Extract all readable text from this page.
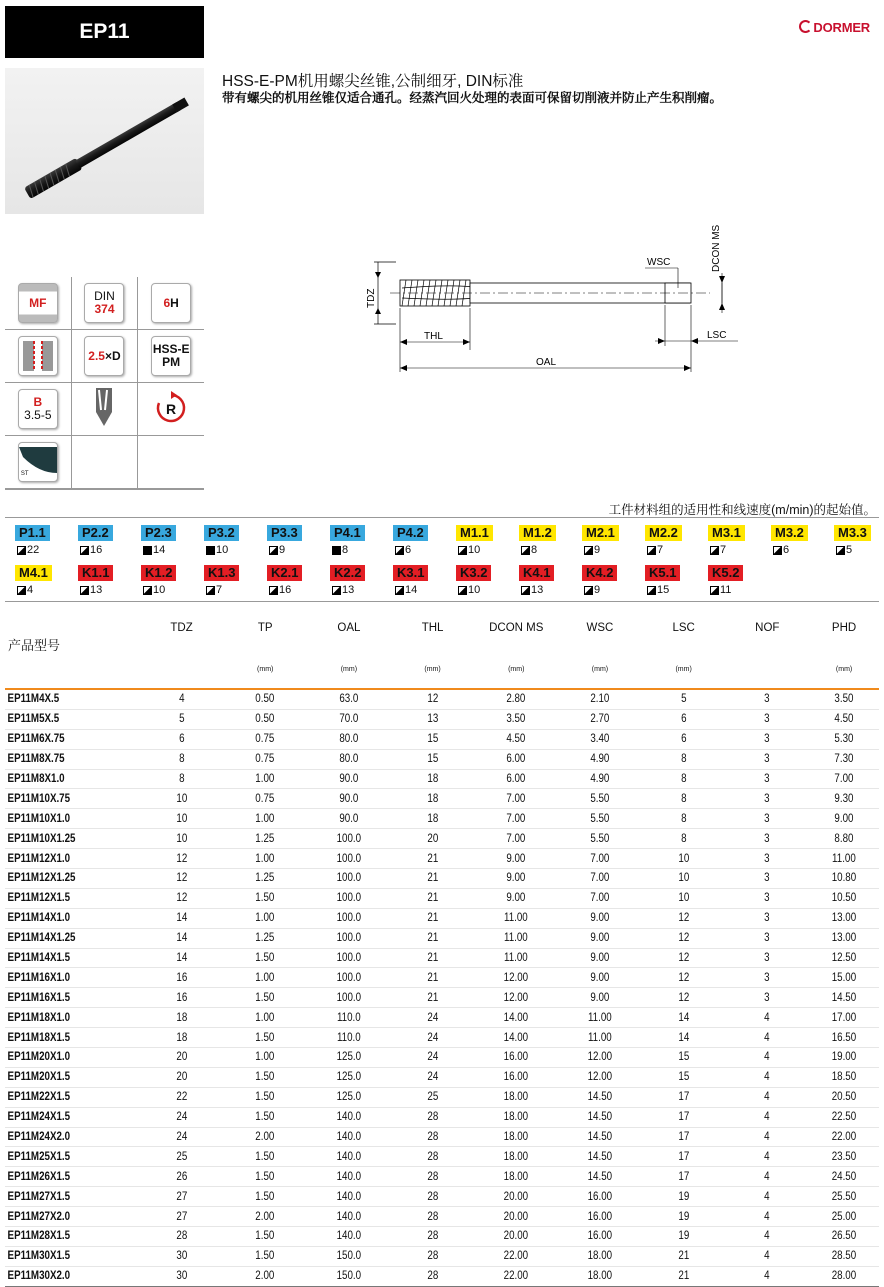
EP11	DORMER
HSS-E-PM机用螺尖丝锥,公制细牙, DIN标准
带有螺尖的机用丝锥仅适合通孔。经蒸汽回火处理的表面可保留切削液并防止产生积削瘤。
MF	DIN
374	6 H

2.5 ×D	HSS-E
PM

B
3.5-5		R

ST		

TDZ
THL
OAL
LSC
WSC	DCON MS
工件材料组的适用性和线速度(m/min)的起始值。
P1.1
22
P2.2
16
P2.3
14
P3.2
10
P3.3
9
P4.1
8
P4.2
6
M1.1
10
M1.2
8
M2.1
9
M2.2
7
M3.1
7
M3.2
6
M3.3
5
M4.1
4
K1.1
13
K1.2
10
K1.3
7
K2.1
16
K2.2
13
K3.1
14
K3.2
10
K4.1
13
K4.2
9
K5.1
15
K5.2
11
产品型号	TDZ	TP	OAL	THL	DCON MS	WSC	LSC	NOF	PHD
		(mm)	(mm)	(mm)	(mm)	(mm)	(mm)		(mm)
EP11M4X.5	4	0.50	63.0	12	2.80	2.10	5	3	3.50
EP11M5X.5	5	0.50	70.0	13	3.50	2.70	6	3	4.50
EP11M6X.75	6	0.75	80.0	15	4.50	3.40	6	3	5.30
EP11M8X.75	8	0.75	80.0	15	6.00	4.90	8	3	7.30
EP11M8X1.0	8	1.00	90.0	18	6.00	4.90	8	3	7.00
EP11M10X.75	10	0.75	90.0	18	7.00	5.50	8	3	9.30
EP11M10X1.0	10	1.00	90.0	18	7.00	5.50	8	3	9.00
EP11M10X1.25	10	1.25	100.0	20	7.00	5.50	8	3	8.80
EP11M12X1.0	12	1.00	100.0	21	9.00	7.00	10	3	11.00
EP11M12X1.25	12	1.25	100.0	21	9.00	7.00	10	3	10.80
EP11M12X1.5	12	1.50	100.0	21	9.00	7.00	10	3	10.50
EP11M14X1.0	14	1.00	100.0	21	11.00	9.00	12	3	13.00
EP11M14X1.25	14	1.25	100.0	21	11.00	9.00	12	3	13.00
EP11M14X1.5	14	1.50	100.0	21	11.00	9.00	12	3	12.50
EP11M16X1.0	16	1.00	100.0	21	12.00	9.00	12	3	15.00
EP11M16X1.5	16	1.50	100.0	21	12.00	9.00	12	3	14.50
EP11M18X1.0	18	1.00	110.0	24	14.00	11.00	14	4	17.00
EP11M18X1.5	18	1.50	110.0	24	14.00	11.00	14	4	16.50
EP11M20X1.0	20	1.00	125.0	24	16.00	12.00	15	4	19.00
EP11M20X1.5	20	1.50	125.0	24	16.00	12.00	15	4	18.50
EP11M22X1.5	22	1.50	125.0	25	18.00	14.50	17	4	20.50
EP11M24X1.5	24	1.50	140.0	28	18.00	14.50	17	4	22.50
EP11M24X2.0	24	2.00	140.0	28	18.00	14.50	17	4	22.00
EP11M25X1.5	25	1.50	140.0	28	18.00	14.50	17	4	23.50
EP11M26X1.5	26	1.50	140.0	28	18.00	14.50	17	4	24.50
EP11M27X1.5	27	1.50	140.0	28	20.00	16.00	19	4	25.50
EP11M27X2.0	27	2.00	140.0	28	20.00	16.00	19	4	25.00
EP11M28X1.5	28	1.50	140.0	28	20.00	16.00	19	4	26.50
EP11M30X1.5	30	1.50	150.0	28	22.00	18.00	21	4	28.50
EP11M30X2.0	30	2.00	150.0	28	22.00	18.00	21	4	28.00
